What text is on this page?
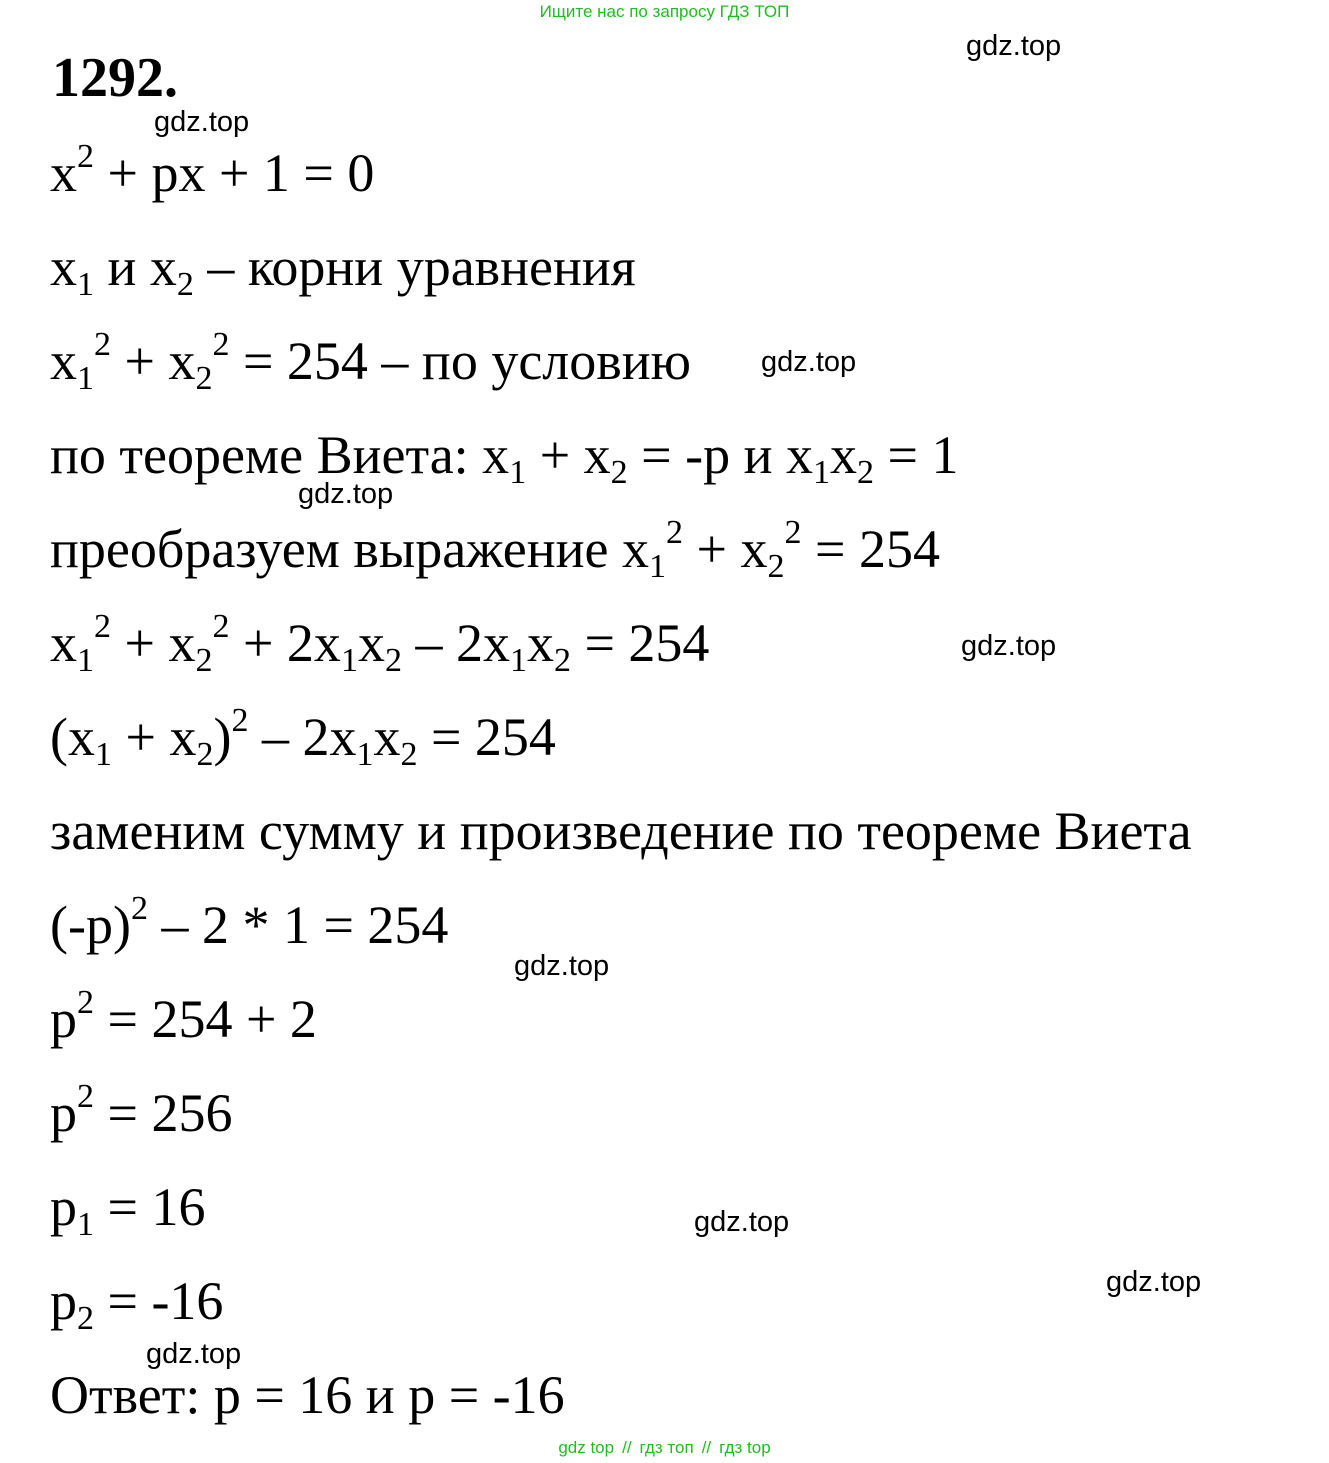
Ищите нас по запросу ГДЗ ТОП
1292.
gdz.top
gdz.top
gdz.top
gdz.top
gdz.top
gdz.top
gdz.top
gdz.top
gdz.top
$x^2$ + px + 1 = 0
$x_1$ и $x_2$ – корни уравнения
$x_1^2 + x_2^2 = 254$ – по условию
по теореме Виета: $x_1 + x_2 = -p$ и $x_1x_2 = 1$
преобразуем выражение $x_1^2 + x_2^2 = 254$
$x_1^2 + x_2^2 + 2x_1x_2 - 2x_1x_2 = 254$
$(x_1 + x_2)^2 - 2x_1x_2 = 254$
заменим сумму и произведение по теореме Виета
$(-p)^2 - 2 * 1 = 254$
$p^2 = 254 + 2$
$p^2 = 256$
$p_1 = 16$
$p_2 = -16$
Ответ: p = 16 и p = -16
gdz top // гдз топ // гдз top
